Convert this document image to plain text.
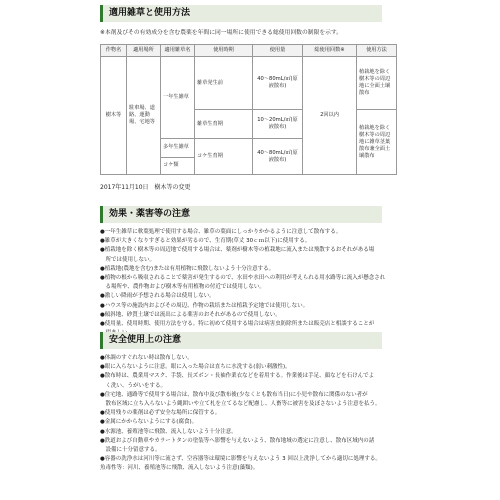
適用雑草と使用方法
※本剤及びその有効成分を含む農薬を年間に同一場所に使用できる総使用回数の制限を示す。
作物名	適用場所	適用雑草名	使用時期	使用量	総使用回数※	使用方法
樹木等	駐車場、道路、運動場、宅地等	一年生雑草	雑草発生前	40～80mL/㎡(原液散布)	2回以内	植栽地を除く樹木等の周辺地に全面土壌散布
			雑草生育期	10～20mL/㎡(原液散布)		植栽地を除く樹木等の周辺地に雑草茎葉散布兼全面土壌散布
		多年生雑草	コケ生育期	40～80mL/㎡(原液散布)		
		コケ類				
2017年11月10日　樹木等の変更
効果・薬害等の注意
●一年生雑草に軟葉処理で使用する場合、雑草の葉面にしっかりかかるように注意して散布する。
●雑草が大きくなりすぎると効果が劣るので、生育期(草丈 30ｃｍ以下)に使用する。
●植栽地を除く樹木等の周辺地で使用する場合は、薬剤が樹木等の植栽地に流入または飛散するおそれがある場
　所では使用しない。
●植栽地(農地を含む)または有用植物に飛散しないよう十分注意する。
●植物の根から吸収されることで薬害が発生するので、水田や水田への利用が考えられる用水路等に流入が懸念され
　る場所や、農作物および樹木等有用植物の付近では使用しない。
●激しい降雨が予想される場合は使用しない。
●ハウス等の施設内およびその周辺、作物の栽培または植栽予定地では使用しない。
●傾斜地、砂質土壌では流出による薬害のおそれがあるので使用しない。
●使用量、使用時期、使用方法を守る。特に初めて使用する場合は病害虫防除所または販売店と相談することが
安全使用上の注意
●体調のすぐれない時は散布しない。
●眼に入らないように注意。眼に入った場合は直ちに水洗する(弱い刺激性)。
●散布時は、農業用マスク、手袋、長ズボン・長袖作業衣などを着用する。作業後は手足、顔などを石けんでよ
　く洗い、うがいをする。
●住宅地、通路等で使用する場合は、散布中及び散布後(少なくとも散布当日)に小児や散布に関係のない者が
　散布区域に立ち入らないよう縄囲いや立て札を立てるなど配慮し、人畜等に被害を及ぼさないよう注意を払う。
●使用残りの薬剤は必ず安全な場所に保管する。
●金属にかからないようにする(腐食)。
●水源池、養殖池等に飛散、流入しないよう十分注意。
●鉄道および自動車やカラートタンの塗装等へ影響を与えないよう、散布地域の選定に注意し、散布区域内の諸
　設備に十分留意する。
●容器の洗浄水は河川等に流さず、空容器等は環境に影響を与えないよう 3 回以上洗浄してから適切に処理する。
魚毒性等：河川、養殖池等に飛散、流入しないよう注意(藻類)。
